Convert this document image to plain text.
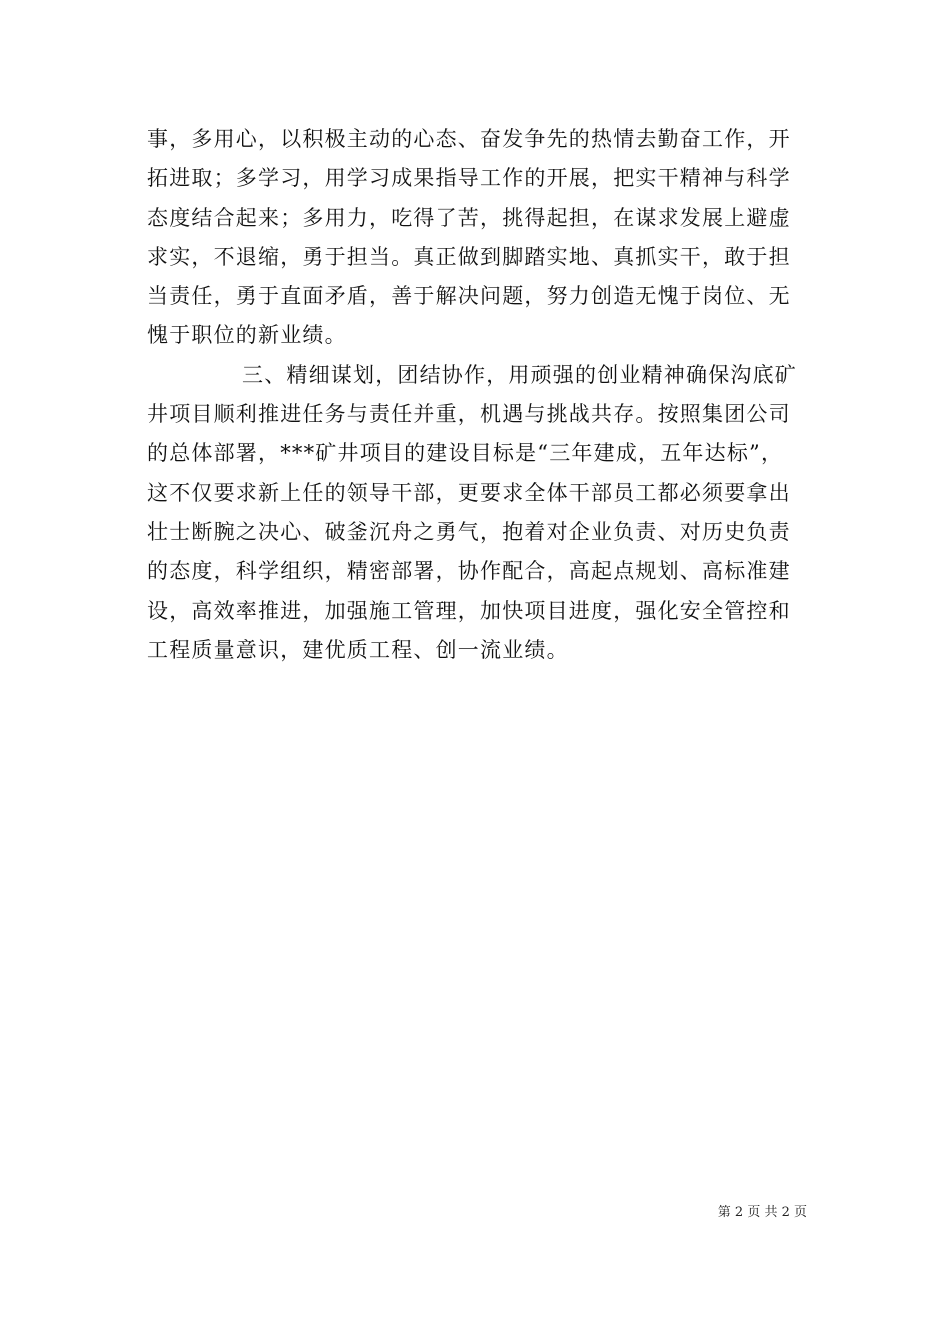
事，多用心，以积极主动的心态、奋发争先的热情去勤奋工作，开
拓进取；多学习，用学习成果指导工作的开展，把实干精神与科学
态度结合起来；多用力，吃得了苦，挑得起担，在谋求发展上避虚
求实，不退缩，勇于担当。真正做到脚踏实地、真抓实干，敢于担
当责任，勇于直面矛盾，善于解决问题，努力创造无愧于岗位、无
愧于职位的新业绩。
三、精细谋划，团结协作，用顽强的创业精神确保沟底矿
井项目顺利推进任务与责任并重，机遇与挑战共存。按照集团公司
的总体部署，***矿井项目的建设目标是“三年建成，五年达标”，
这不仅要求新上任的领导干部，更要求全体干部员工都必须要拿出
壮士断腕之决心、破釜沉舟之勇气，抱着对企业负责、对历史负责
的态度，科学组织，精密部署，协作配合，高起点规划、高标准建
设，高效率推进，加强施工管理，加快项目进度，强化安全管控和
工程质量意识，建优质工程、创一流业绩。
第 2 页 共 2 页
